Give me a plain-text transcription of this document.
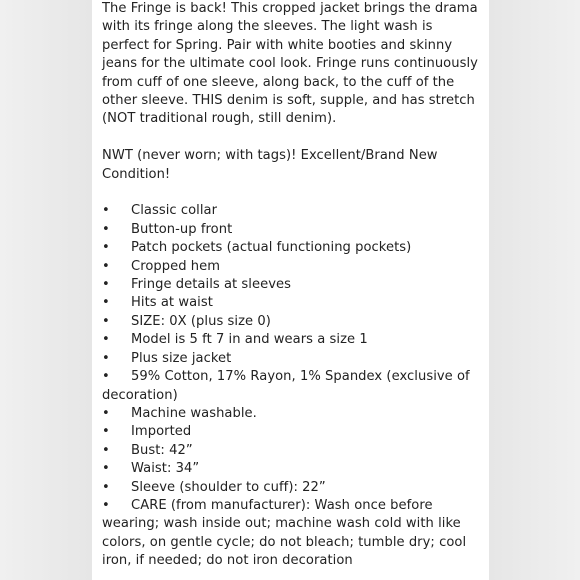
The Fringe is back! This cropped jacket brings the drama with its fringe along the sleeves. The light wash is perfect for Spring. Pair with white booties and skinny jeans for the ultimate cool look. Fringe runs continuously from cuff of one sleeve, along back, to the cuff of the other sleeve. THIS denim is soft, supple, and has stretch (NOT traditional rough, still denim).

NWT (never worn; with tags)! Excellent/Brand New Condition!

• Classic collar
• Button-up front
• Patch pockets (actual functioning pockets)
• Cropped hem
• Fringe details at sleeves
• Hits at waist
• SIZE: 0X (plus size 0)
• Model is 5 ft 7 in and wears a size 1
• Plus size jacket
• 59% Cotton, 17% Rayon, 1% Spandex (exclusive of decoration)
• Machine washable.
• Imported
• Bust: 42”
• Waist: 34”
• Sleeve (shoulder to cuff): 22”
• CARE (from manufacturer): Wash once before wearing; wash inside out; machine wash cold with like colors, on gentle cycle; do not bleach; tumble dry; cool iron, if needed; do not iron decoration
